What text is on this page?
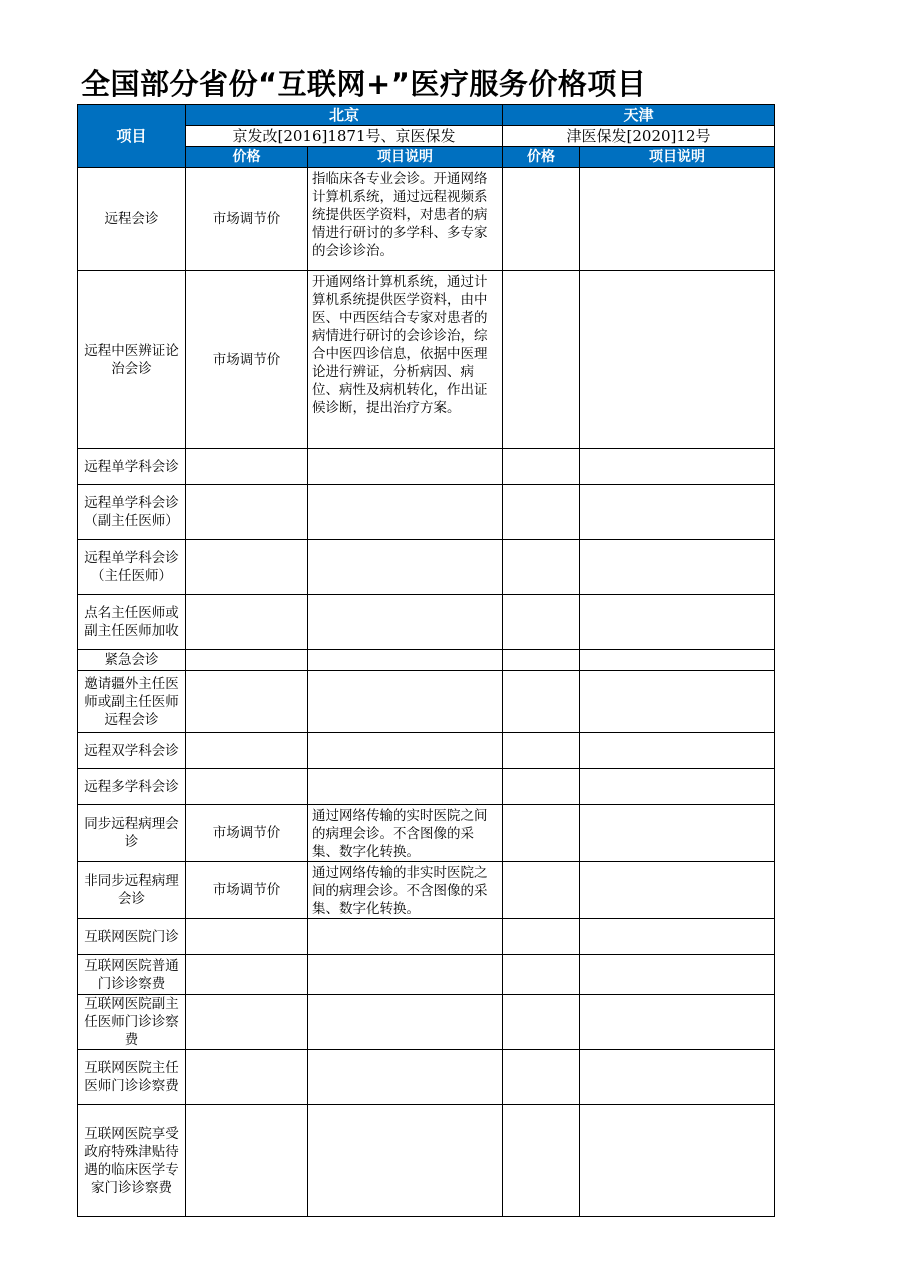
全国部分省份“互联网+”医疗服务价格项目
项目	北京		天津	
	京发改[2016]1871号、京医保发		津医保发[2020]12号	
	价格	项目说明	价格	项目说明
远程会诊	市场调节价	指临床各专业会诊。开通网络计算机系统，通过远程视频系统提供医学资料，对患者的病情进行研讨的多学科、多专家的会诊诊治。		
远程中医辨证论治会诊	市场调节价	开通网络计算机系统，通过计算机系统提供医学资料，由中医、中西医结合专家对患者的病情进行研讨的会诊诊治，综合中医四诊信息，依据中医理论进行辨证，分析病因、病位、病性及病机转化，作出证候诊断，提出治疗方案。		
远程单学科会诊				
远程单学科会诊（副主任医师）				
远程单学科会诊（主任医师）				
点名主任医师或副主任医师加收				
紧急会诊				
邀请疆外主任医师或副主任医师远程会诊				
远程双学科会诊				
远程多学科会诊				
同步远程病理会诊	市场调节价	通过网络传输的实时医院之间的病理会诊。不含图像的采集、数字化转换。		
非同步远程病理会诊	市场调节价	通过网络传输的非实时医院之间的病理会诊。不含图像的采集、数字化转换。		
互联网医院门诊				
互联网医院普通门诊诊察费				
互联网医院副主任医师门诊诊察费				
互联网医院主任医师门诊诊察费				
互联网医院享受政府特殊津贴待遇的临床医学专家门诊诊察费				
